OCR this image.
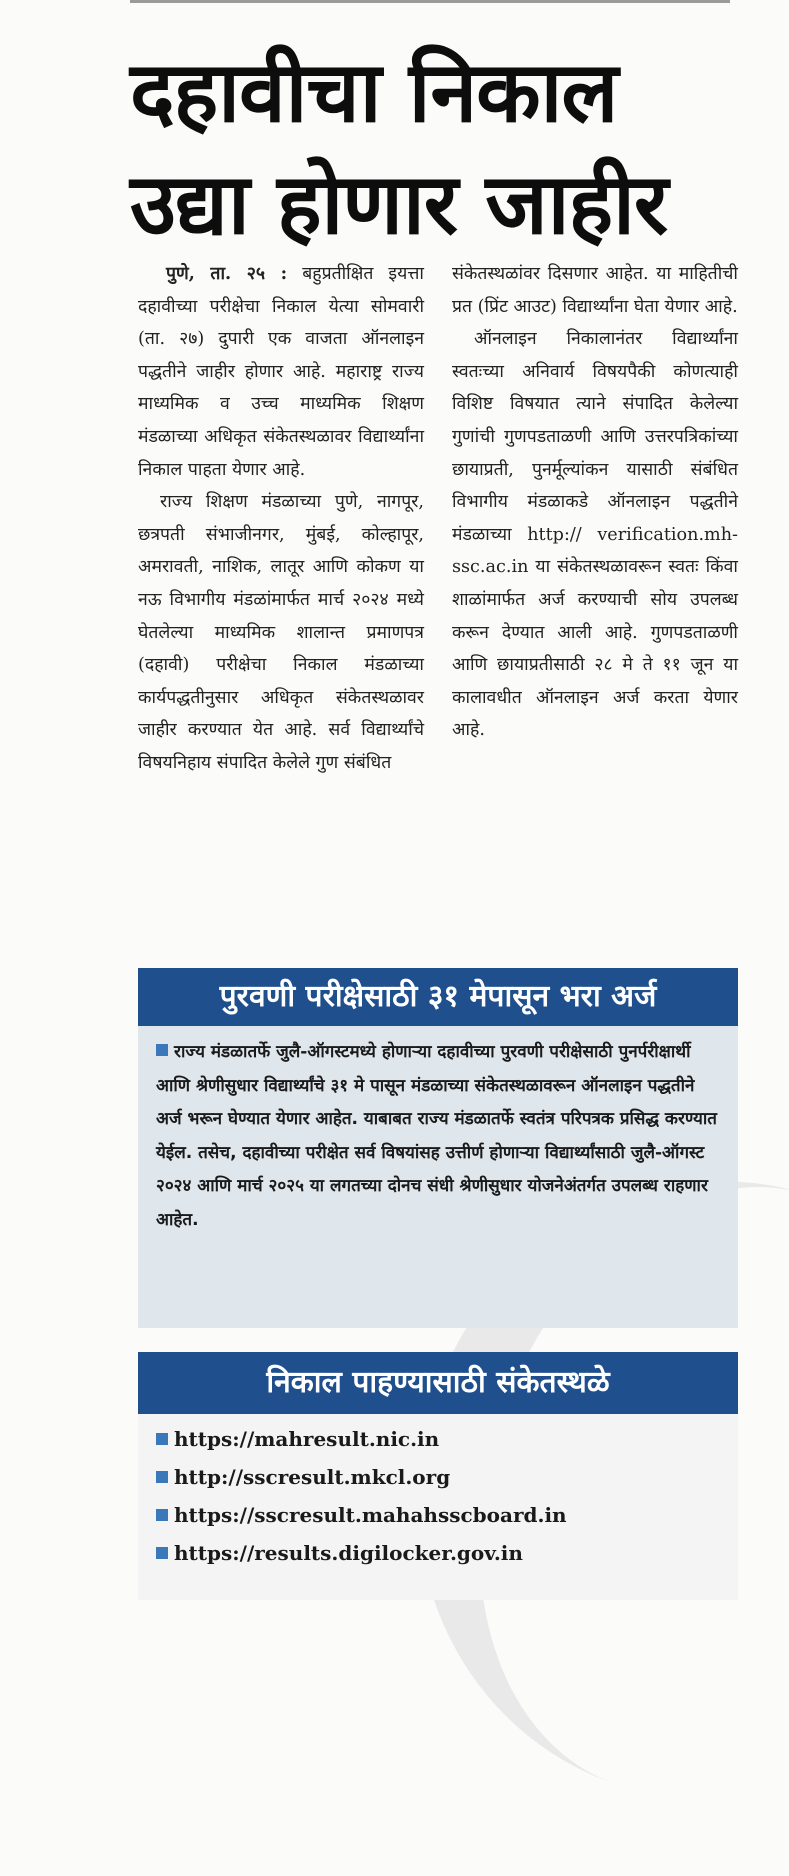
दहावीचा निकाल
उद्या होणार जाहीर

पुणे, ता. २५ : बहुप्रतीक्षित इयत्ता दहावीच्या परीक्षेचा निकाल येत्या सोमवारी (ता. २७) दुपारी एक वाजता ऑनलाइन पद्धतीने जाहीर होणार आहे. महाराष्ट्र राज्य माध्यमिक व उच्च माध्यमिक शिक्षण मंडळाच्या अधिकृत संकेतस्थळावर विद्यार्थ्यांना निकाल पाहता येणार आहे.

राज्य शिक्षण मंडळाच्या पुणे, नागपूर, छत्रपती संभाजीनगर, मुंबई, कोल्हापूर, अमरावती, नाशिक, लातूर आणि कोकण या नऊ विभागीय मंडळांमार्फत मार्च २०२४ मध्ये घेतलेल्या माध्यमिक शालान्त प्रमाणपत्र (दहावी) परीक्षेचा निकाल मंडळाच्या कार्यपद्धतीनुसार अधिकृत संकेतस्थळावर जाहीर करण्यात येत आहे. सर्व विद्यार्थ्यांचे विषयनिहाय संपादित केलेले गुण संबंधित

संकेतस्थळांवर दिसणार आहेत. या माहितीची प्रत (प्रिंट आउट) विद्यार्थ्यांना घेता येणार आहे.

ऑनलाइन निकालानंतर विद्यार्थ्यांना स्वतःच्या अनिवार्य विषयपैकी कोणत्याही विशिष्ट विषयात त्याने संपादित केलेल्या गुणांची गुणपडताळणी आणि उत्तरपत्रिकांच्या छायाप्रती, पुनर्मूल्यांकन यासाठी संबंधित विभागीय मंडळाकडे ऑनलाइन पद्धतीने मंडळाच्या http:// verification.mh-ssc.ac.in या संकेतस्थळावरून स्वतः किंवा शाळांमार्फत अर्ज करण्याची सोय उपलब्ध करून देण्यात आली आहे. गुणपडताळणी आणि छायाप्रतीसाठी २८ मे ते ११ जून या कालावधीत ऑनलाइन अर्ज करता येणार आहे.

पुरवणी परीक्षेसाठी ३१ मेपासून भरा अर्ज
राज्य मंडळातर्फे जुलै-ऑगस्टमध्ये होणाऱ्या दहावीच्या पुरवणी परीक्षेसाठी पुनर्परीक्षार्थी आणि श्रेणीसुधार विद्यार्थ्यांचे ३१ मे पासून मंडळाच्या संकेतस्थळावरून ऑनलाइन पद्धतीने अर्ज भरून घेण्यात येणार आहेत. याबाबत राज्य मंडळातर्फे स्वतंत्र परिपत्रक प्रसिद्ध करण्यात येईल. तसेच, दहावीच्या परीक्षेत सर्व विषयांसह उत्तीर्ण होणाऱ्या विद्यार्थ्यांसाठी जुलै-ऑगस्ट २०२४ आणि मार्च २०२५ या लगतच्या दोनच संधी श्रेणीसुधार योजनेअंतर्गत उपलब्ध राहणार आहेत.
निकाल पाहण्यासाठी संकेतस्थळे
https://mahresult.nic.in
http://sscresult.mkcl.org
https://sscresult.mahahsscboard.in
https://results.digilocker.gov.in
